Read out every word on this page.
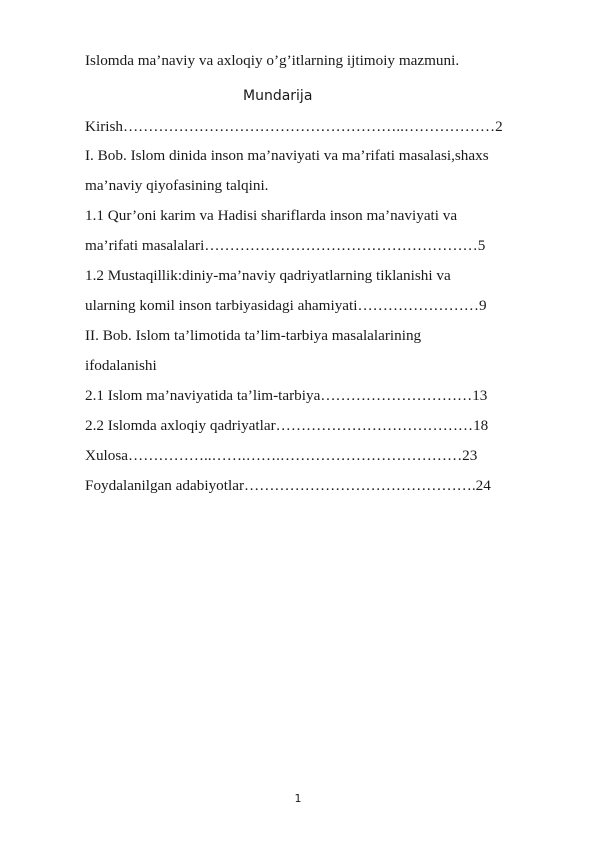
Islomda ma’naviy va axloqiy o’g’itlarning ijtimoiy mazmuni.
Mundarija
Kirish………………………………………………..………………2
I. Bob. Islom dinida inson ma’naviyati va ma’rifati masalasi,shaxs
ma’naviy qiyofasining talqini.
1.1 Qur’oni karim va Hadisi shariflarda inson ma’naviyati va
ma’rifati masalalari………………………………………………5
1.2 Mustaqillik:diniy-ma’naviy qadriyatlarning tiklanishi va
ularning komil inson tarbiyasidagi ahamiyati……………………9
II. Bob. Islom ta’limotida ta’lim-tarbiya masalalarining
ifodalanishi
2.1 Islom ma’naviyatida ta’lim-tarbiya…………………………13
2.2 Islomda axloqiy qadriyatlar…………………………………18
Xulosa……………..…….…….………………………………23
Foydalanilgan adabiyotlar……………………………………….24
1
